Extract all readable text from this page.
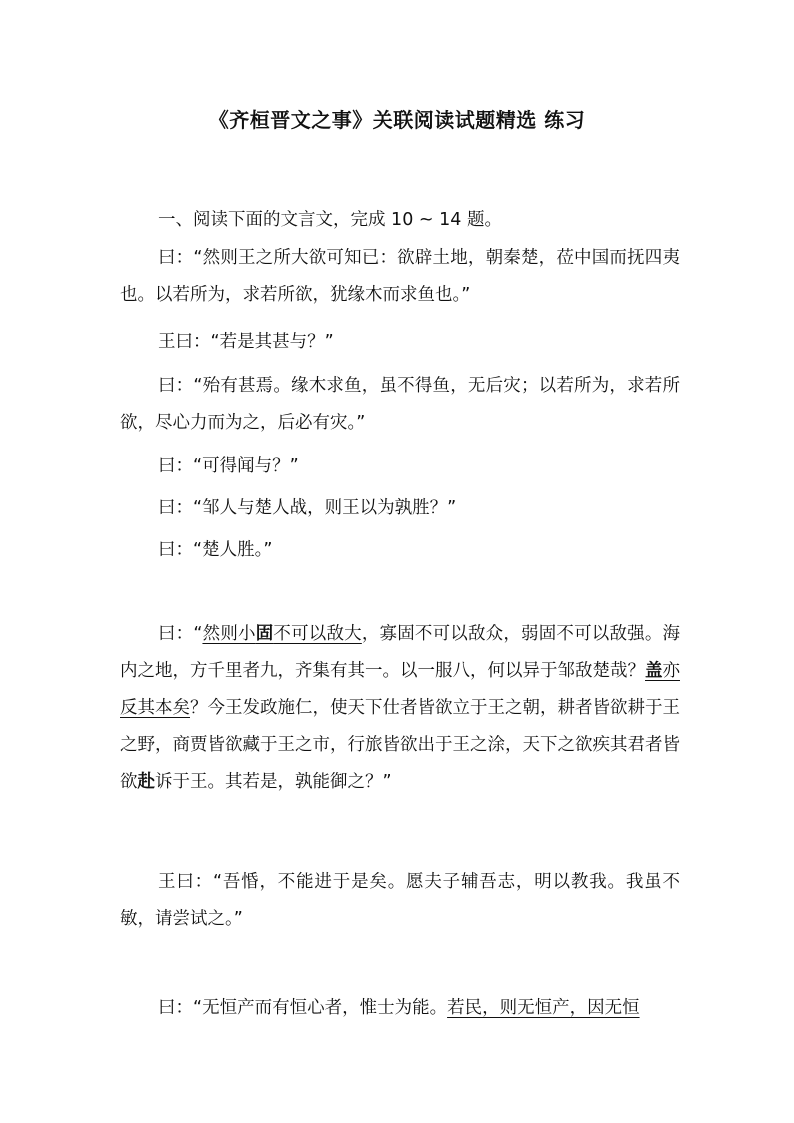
《齐桓晋文之事》关联阅读试题精选 练习
一、阅读下面的文言文，完成 10 ~ 14 题。
曰：“然则王之所大欲可知已：欲辟土地，朝秦楚，莅中国而抚四夷也。以若所为，求若所欲，犹缘木而求鱼也。”
王曰：“若是其甚与？”
曰：“殆有甚焉。缘木求鱼，虽不得鱼，无后灾；以若所为，求若所欲，尽心力而为之，后必有灾。”
曰：“可得闻与？”
曰：“邹人与楚人战，则王以为孰胜？”
曰：“楚人胜。”
曰：“然则小固不可以敌大，寡固不可以敌众，弱固不可以敌强。海内之地，方千里者九，齐集有其一。以一服八，何以异于邹敌楚哉？盖亦反其本矣？今王发政施仁，使天下仕者皆欲立于王之朝，耕者皆欲耕于王之野，商贾皆欲藏于王之市，行旅皆欲出于王之涂，天下之欲疾其君者皆欲赴诉于王。其若是，孰能御之？”
王曰：“吾惛，不能进于是矣。愿夫子辅吾志，明以教我。我虽不敏，请尝试之。”
曰：“无恒产而有恒心者，惟士为能。若民，则无恒产，因无恒
